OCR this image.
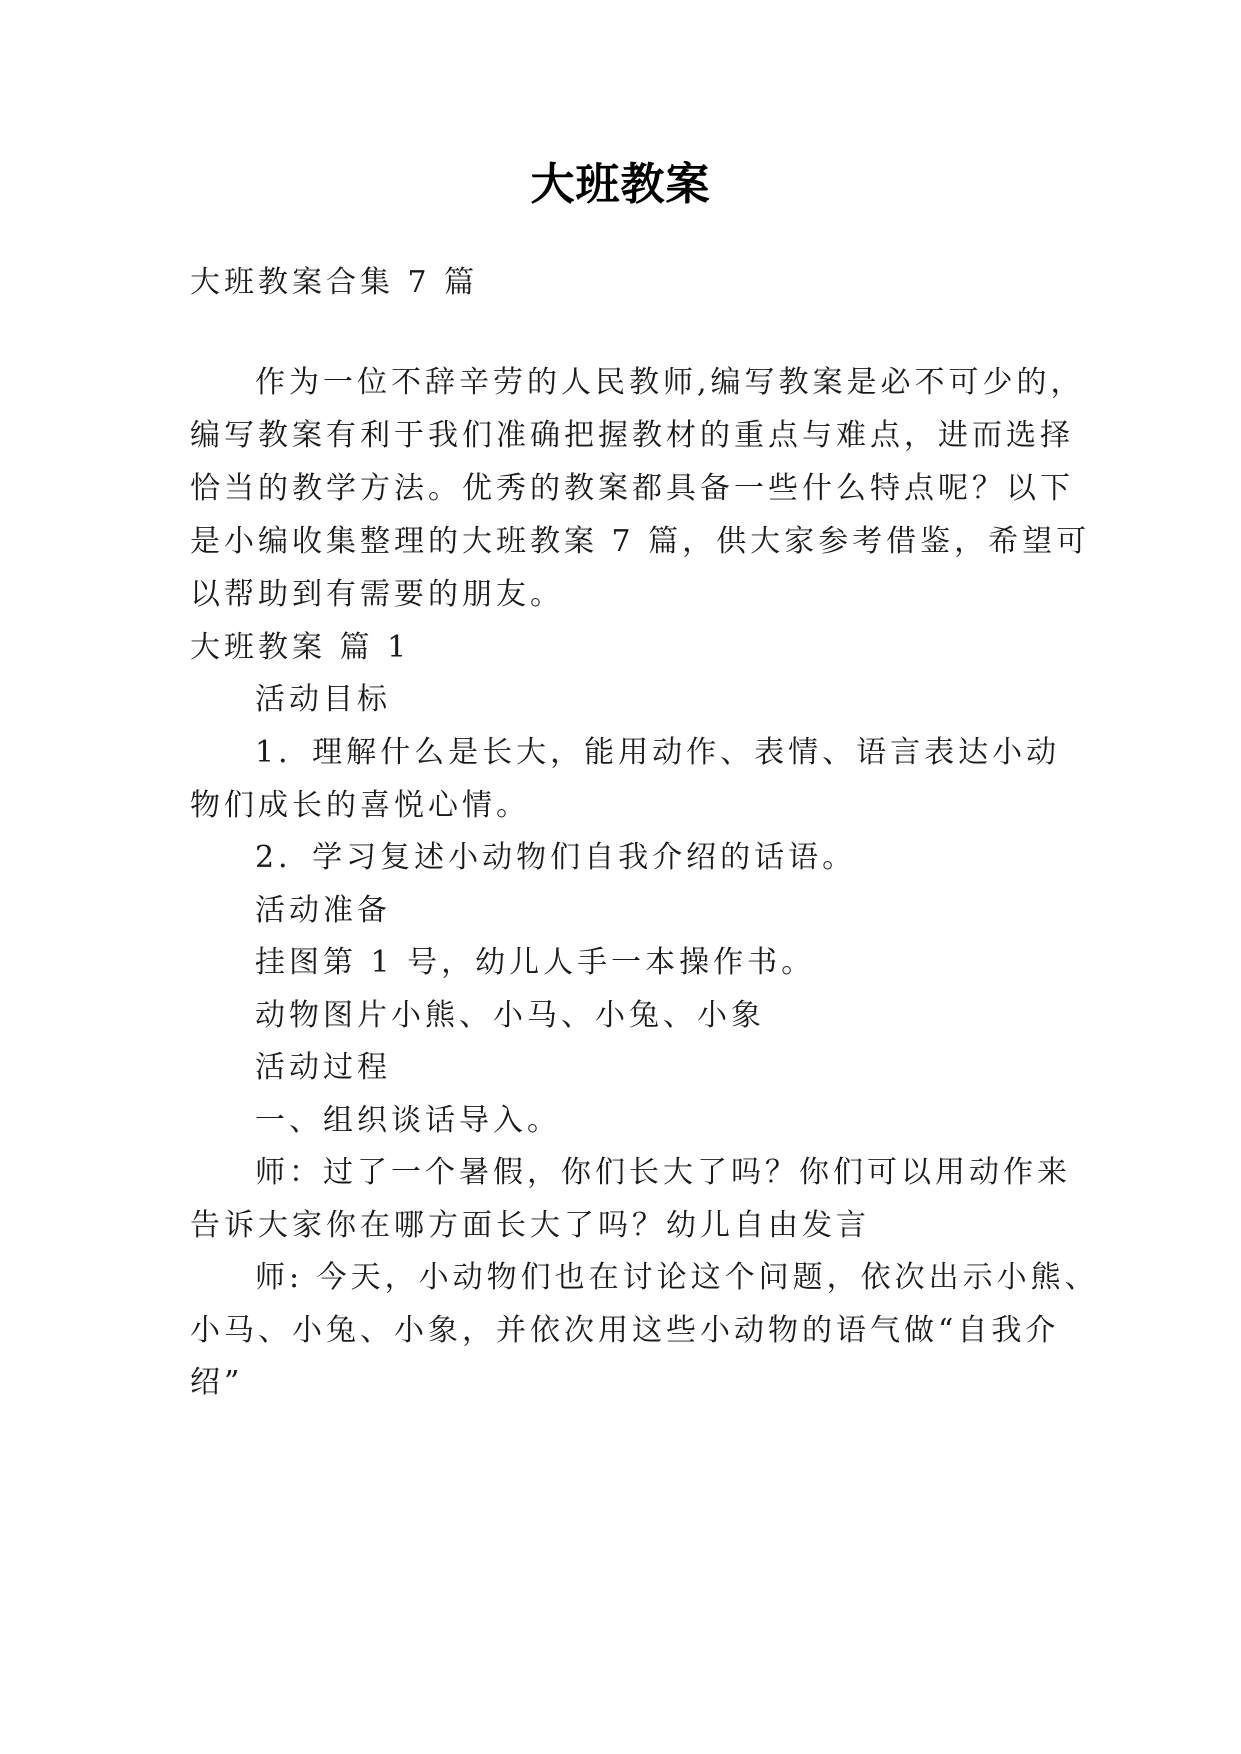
大班教案
大班教案合集 7 篇
作为一位不辞辛劳的人民教师,编写教案是必不可少的，
编写教案有利于我们准确把握教材的重点与难点，进而选择
恰当的教学方法。优秀的教案都具备一些什么特点呢？以下
是小编收集整理的大班教案 7 篇，供大家参考借鉴，希望可
以帮助到有需要的朋友。
大班教案 篇 1
活动目标
1．理解什么是长大，能用动作、表情、语言表达小动
物们成长的喜悦心情。
2．学习复述小动物们自我介绍的话语。
活动准备
挂图第 1 号，幼儿人手一本操作书。
动物图片小熊、小马、小兔、小象
活动过程
一、组织谈话导入。
师：过了一个暑假，你们长大了吗？你们可以用动作来
告诉大家你在哪方面长大了吗？幼儿自由发言
师: 今天，小动物们也在讨论这个问题，依次出示小熊、
小马、小兔、小象，并依次用这些小动物的语气做“自我介
绍”
